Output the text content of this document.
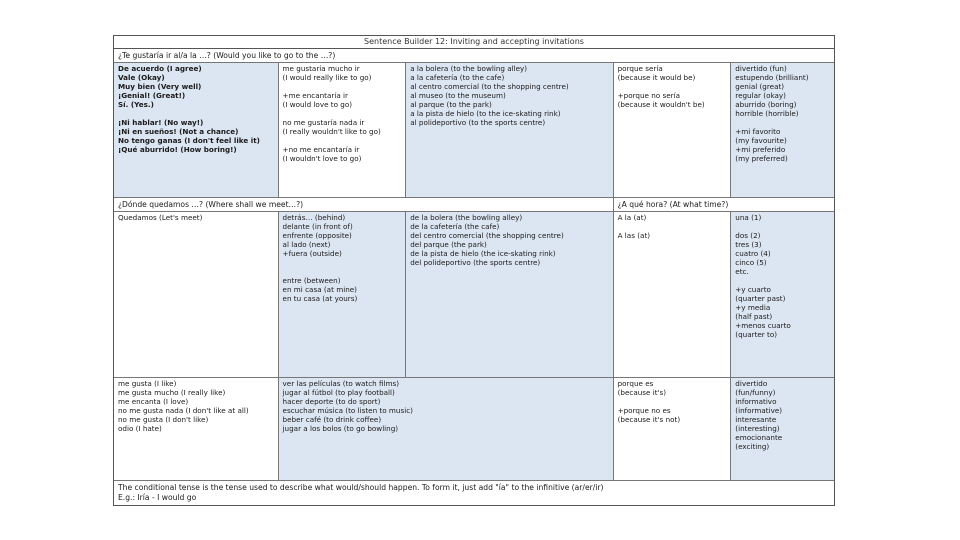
Sentence Builder 12: Inviting and accepting invitations
¿Te gustaría ir al/a la …? (Would you like to go to the …?)
De acuerdo (I agree)
Vale (Okay)
Muy bien (Very well)
¡Genial! (Great!)
Sí. (Yes.)
¡Ni hablar! (No way!)
¡Ni en sueños! (Not a chance)
No tengo ganas (I don't feel like it)
¡Qué aburrido! (How boring!)
me gustaría mucho ir
(I would really like to go)
+me encantaría ir
(I would love to go)
no me gustaría nada ir
(I really wouldn't like to go)
+no me encantaría ir
(I wouldn't love to go)
a la bolera (to the bowling alley)
a la cafetería (to the cafe)
al centro comercial (to the shopping centre)
al museo (to the museum)
al parque (to the park)
a la pista de hielo (to the ice-skating rink)
al polideportivo (to the sports centre)
porque sería
(because it would be)
+porque no sería
(because it wouldn't be)
divertido (fun)
estupendo (brilliant)
genial (great)
regular (okay)
aburrido (boring)
horrible (horrible)
+mi favorito
(my favourite)
+mi preferido
(my preferred)
¿Dónde quedamos …? (Where shall we meet…?)	¿A qué hora? (At what time?)
Quedamos (Let's meet)	detrás… (behind)
delante (in front of)
enfrente (opposite)
al lado (next)
+fuera (outside)
entre (between)
en mi casa (at mine)
en tu casa (at yours)
de la bolera (the bowling alley)
de la cafetería (the cafe)
del centro comercial (the shopping centre)
del parque (the park)
de la pista de hielo (the ice-skating rink)
del polideportivo (the sports centre)
A la (at)
A las (at)
una (1)
dos (2)
tres (3)
cuatro (4)
cinco (5)
etc.
+y cuarto
(quarter past)
+y media
(half past)
+menos cuarto
(quarter to)
me gusta (I like)
me gusta mucho (I really like)
me encanta (I love)
no me gusta nada (I don't like at all)
no me gusta (I don't like)
odio (I hate)
ver las películas (to watch films)
jugar al fútbol (to play football)
hacer deporte (to do sport)
escuchar música (to listen to music)
beber café (to drink coffee)
jugar a los bolos (to go bowling)
porque es
(because it's)
+porque no es
(because it's not)
divertido
(fun/funny)
informativo
(informative)
interesante
(interesting)
emocionante
(exciting)
The conditional tense is the tense used to describe what would/should happen. To form it, just add "ía" to the infinitive (ar/er/ir)
E.g.: Iría - I would go
